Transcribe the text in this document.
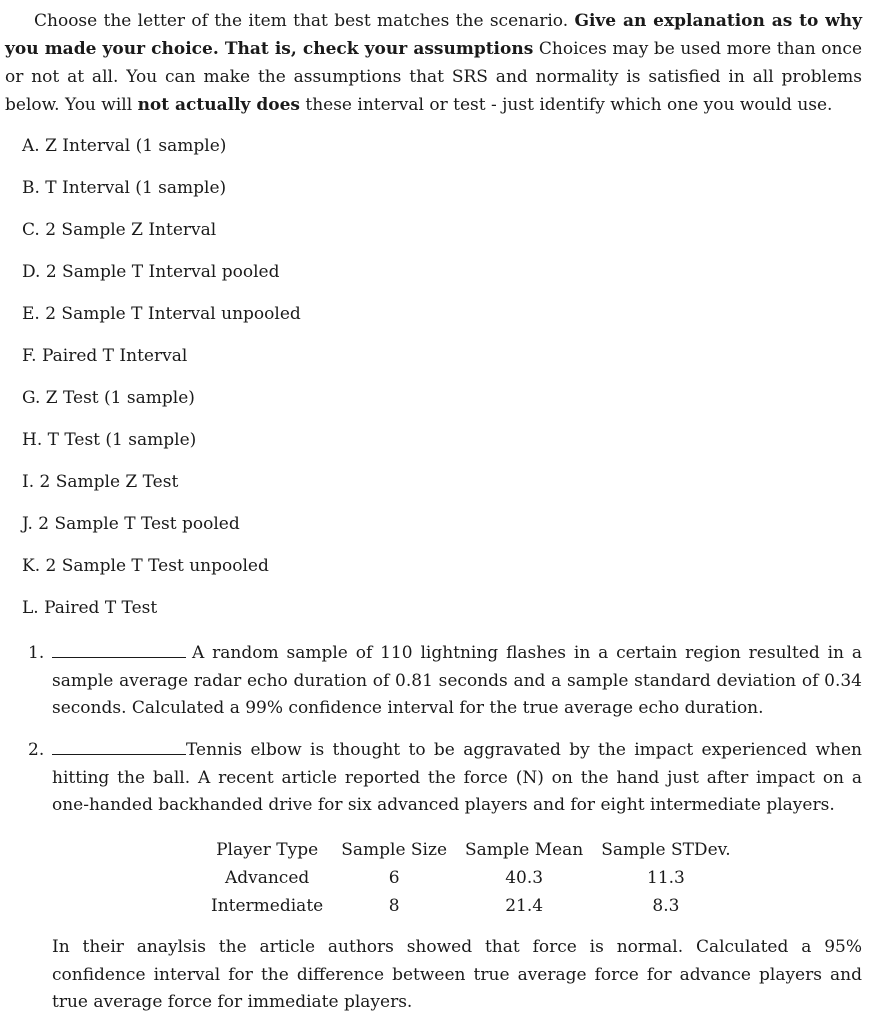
Choose the letter of the item that best matches the scenario. Give an explanation as to why you made your choice. That is, check your assumptions Choices may be used more than once or not at all. You can make the assumptions that SRS and normality is satisfied in all problems below. You will not actually does these interval or test - just identify which one you would use.
A. Z Interval (1 sample)
B. T Interval (1 sample)
C. 2 Sample Z Interval
D. 2 Sample T Interval pooled
E. 2 Sample T Interval unpooled
F. Paired T Interval
G. Z Test (1 sample)
H. T Test (1 sample)
I. 2 Sample Z Test
J. 2 Sample T Test pooled
K. 2 Sample T Test unpooled
L. Paired T Test
1.	A random sample of 110 lightning flashes in a certain region resulted in a sample average radar echo duration of 0.81 seconds and a sample standard deviation of 0.34 seconds. Calculated a 99% confidence interval for the true average echo duration.
2.	Tennis elbow is thought to be aggravated by the impact experienced when hitting the ball. A recent article reported the force (N) on the hand just after impact on a one-handed backhanded drive for six advanced players and for eight intermediate players.
Player Type	Sample Size	Sample Mean	Sample STDev.
Advanced	6	40.3	11.3
Intermediate	8	21.4	8.3
In their anaylsis the article authors showed that force is normal. Calculated a 95% confidence interval for the difference between true average force for advance players and true average force for immediate players.
